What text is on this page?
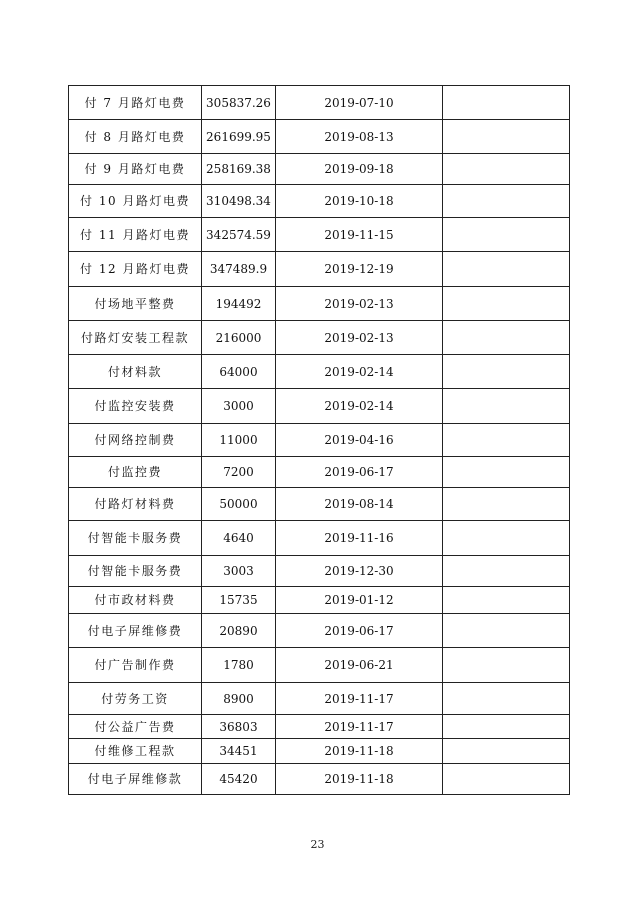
付 7 月路灯电费	305837.26	2019-07-10	
付 8 月路灯电费	261699.95	2019-08-13	
付 9 月路灯电费	258169.38	2019-09-18	
付 10 月路灯电费	310498.34	2019-10-18	
付 11 月路灯电费	342574.59	2019-11-15	
付 12 月路灯电费	347489.9	2019-12-19	
付场地平整费	194492	2019-02-13	
付路灯安装工程款	216000	2019-02-13	
付材料款	64000	2019-02-14	
付监控安装费	3000	2019-02-14	
付网络控制费	11000	2019-04-16	
付监控费	7200	2019-06-17	
付路灯材料费	50000	2019-08-14	
付智能卡服务费	4640	2019-11-16	
付智能卡服务费	3003	2019-12-30	
付市政材料费	15735	2019-01-12	
付电子屏维修费	20890	2019-06-17	
付广告制作费	1780	2019-06-21	
付劳务工资	8900	2019-11-17	
付公益广告费	36803	2019-11-17	
付维修工程款	34451	2019-11-18	
付电子屏维修款	45420	2019-11-18	
23
